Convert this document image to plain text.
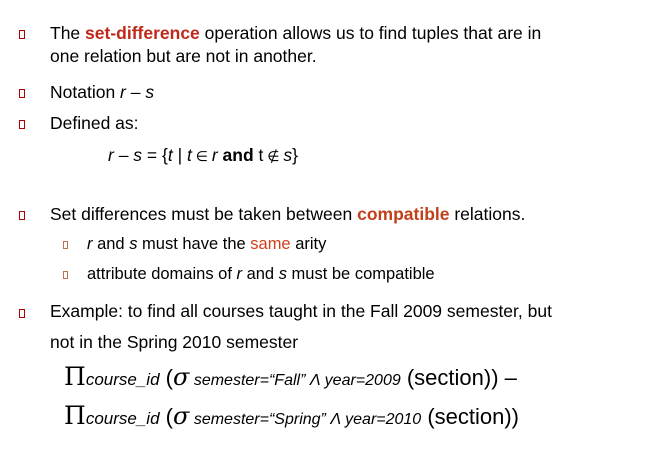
The set-difference operation allows us to find tuples that are in
one relation but are not in another.
Notation r – s
Defined as:
r – s = {t | t ∈ r and t ∉ s}
Set differences must be taken between compatible relations.
r and s must have the same arity
attribute domains of r and s must be compatible
Example: to find all courses taught in the Fall 2009 semester, but
not in the Spring 2010 semester
Πcourse_id (σ semester=“Fall” Λ year=2009 (section)) –
Πcourse_id (σ semester=“Spring” Λ year=2010 (section))
